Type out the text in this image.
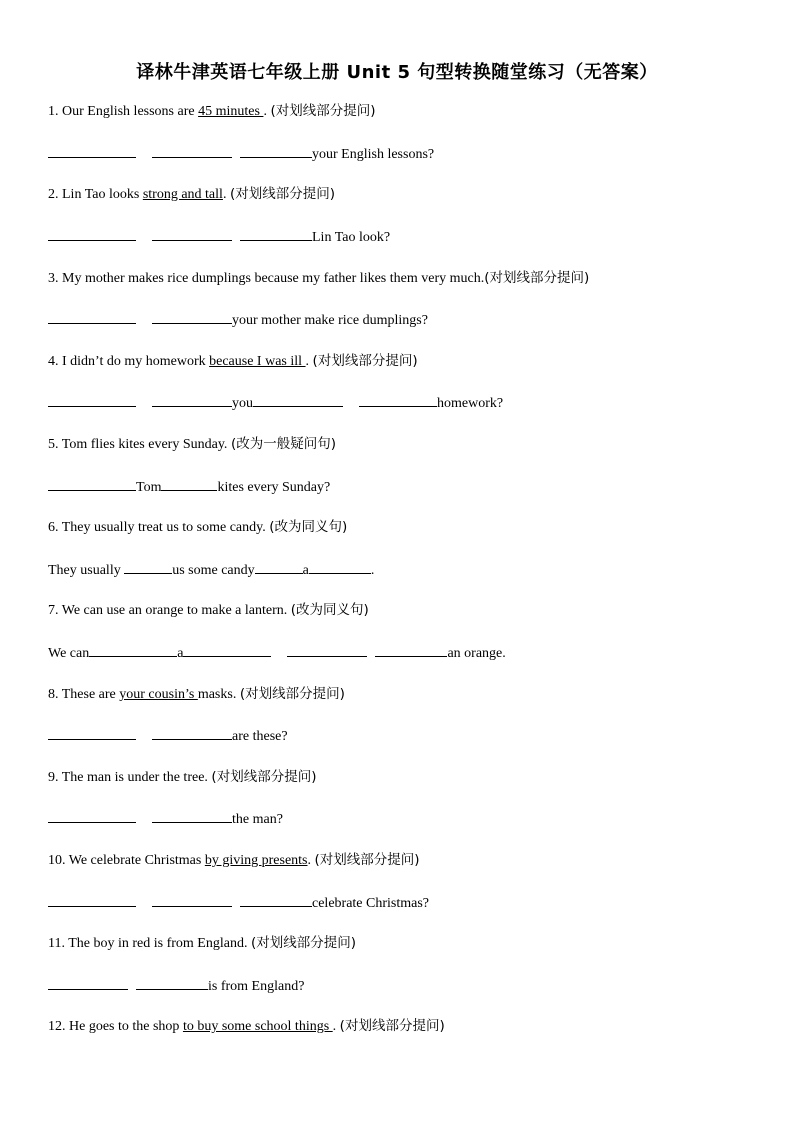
译林牛津英语七年级上册 Unit 5 句型转换随堂练习（无答案）
1. Our English lessons are 45 minutes . (对划线部分提问)
your English lessons?
2. Lin Tao looks strong and tall. (对划线部分提问)
Lin Tao look?
3. My mother makes rice dumplings because my father likes them very much.(对划线部分提问)
your mother make rice dumplings?
4. I didn’t do my homework because I was ill . (对划线部分提问)
you	homework?
5. Tom flies kites every Sunday. (改为一般疑问句)
Tom	kites every Sunday?
6. They usually treat us to some candy. (改为同义句)
They usually	us some candy	a	.
7. We can use an orange to make a lantern. (改为同义句)
We can	a	an orange.
8. These are your cousin’s masks. (对划线部分提问)
are these?
9. The man is under the tree. (对划线部分提问)
the man?
10. We celebrate Christmas by giving presents. (对划线部分提问)
celebrate Christmas?
11. The boy in red is from England. (对划线部分提问)
is from England?
12. He goes to the shop to buy some school things . (对划线部分提问)
